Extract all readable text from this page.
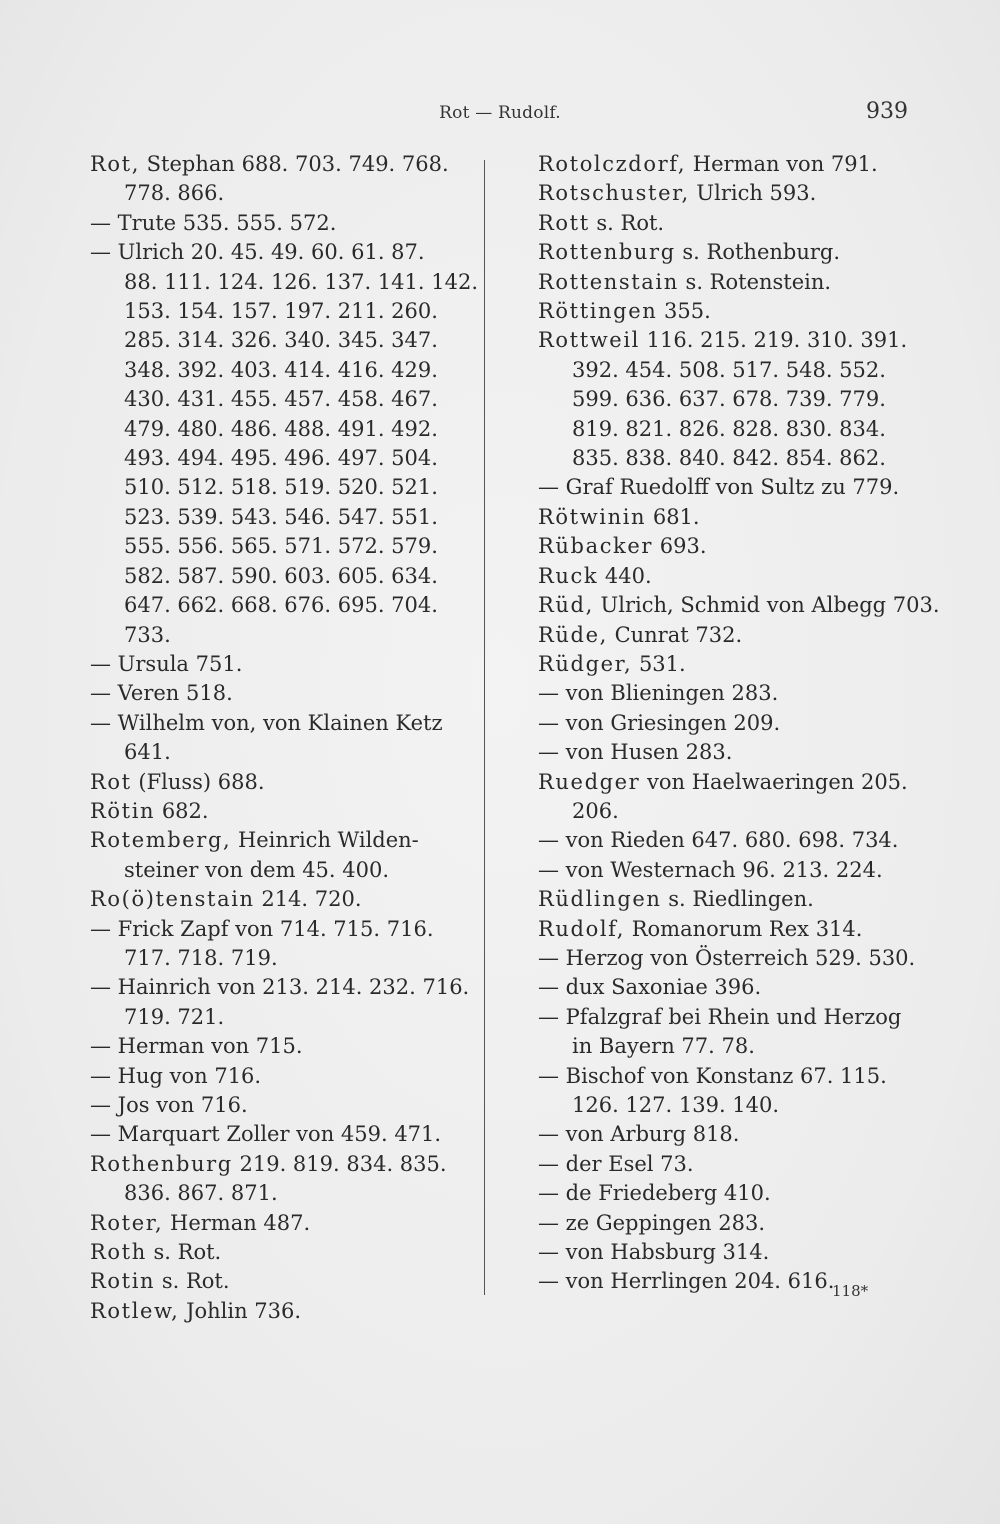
Rot — Rudolf.	939
Rot, Stephan 688. 703. 749. 768.
778. 866.
— Trute 535. 555. 572.
— Ulrich 20. 45. 49. 60. 61. 87.
88. 111. 124. 126. 137. 141. 142.
153. 154. 157. 197. 211. 260.
285. 314. 326. 340. 345. 347.
348. 392. 403. 414. 416. 429.
430. 431. 455. 457. 458. 467.
479. 480. 486. 488. 491. 492.
493. 494. 495. 496. 497. 504.
510. 512. 518. 519. 520. 521.
523. 539. 543. 546. 547. 551.
555. 556. 565. 571. 572. 579.
582. 587. 590. 603. 605. 634.
647. 662. 668. 676. 695. 704.
733.
— Ursula 751.
— Veren 518.
— Wilhelm von, von Klainen Ketz
641.
Rot (Fluss) 688.
Rötin 682.
Rotemberg, Heinrich Wilden-
steiner von dem 45. 400.
Ro(ö)tenstain 214. 720.
— Frick Zapf von 714. 715. 716.
717. 718. 719.
— Hainrich von 213. 214. 232. 716.
719. 721.
— Herman von 715.
— Hug von 716.
— Jos von 716.
— Marquart Zoller von 459. 471.
Rothenburg 219. 819. 834. 835.
836. 867. 871.
Roter, Herman 487.
Roth s. Rot.
Rotin s. Rot.
Rotlew, Johlin 736.
Rotolczdorf, Herman von 791.
Rotschuster, Ulrich 593.
Rott s. Rot.
Rottenburg s. Rothenburg.
Rottenstain s. Rotenstein.
Röttingen 355.
Rottweil 116. 215. 219. 310. 391.
392. 454. 508. 517. 548. 552.
599. 636. 637. 678. 739. 779.
819. 821. 826. 828. 830. 834.
835. 838. 840. 842. 854. 862.
— Graf Ruedolff von Sultz zu 779.
Rötwinin 681.
Rübacker 693.
Ruck 440.
Rüd, Ulrich, Schmid von Albegg 703.
Rüde, Cunrat 732.
Rüdger, 531.
— von Blieningen 283.
— von Griesingen 209.
— von Husen 283.
Ruedger von Haelwaeringen 205.
206.
— von Rieden 647. 680. 698. 734.
— von Westernach 96. 213. 224.
Rüdlingen s. Riedlingen.
Rudolf, Romanorum Rex 314.
— Herzog von Österreich 529. 530.
— dux Saxoniae 396.
— Pfalzgraf bei Rhein und Herzog
in Bayern 77. 78.
— Bischof von Konstanz 67. 115.
126. 127. 139. 140.
— von Arburg 818.
— der Esel 73.
— de Friedeberg 410.
— ze Geppingen 283.
— von Habsburg 314.
— von Herrlingen 204. 616.
118*
